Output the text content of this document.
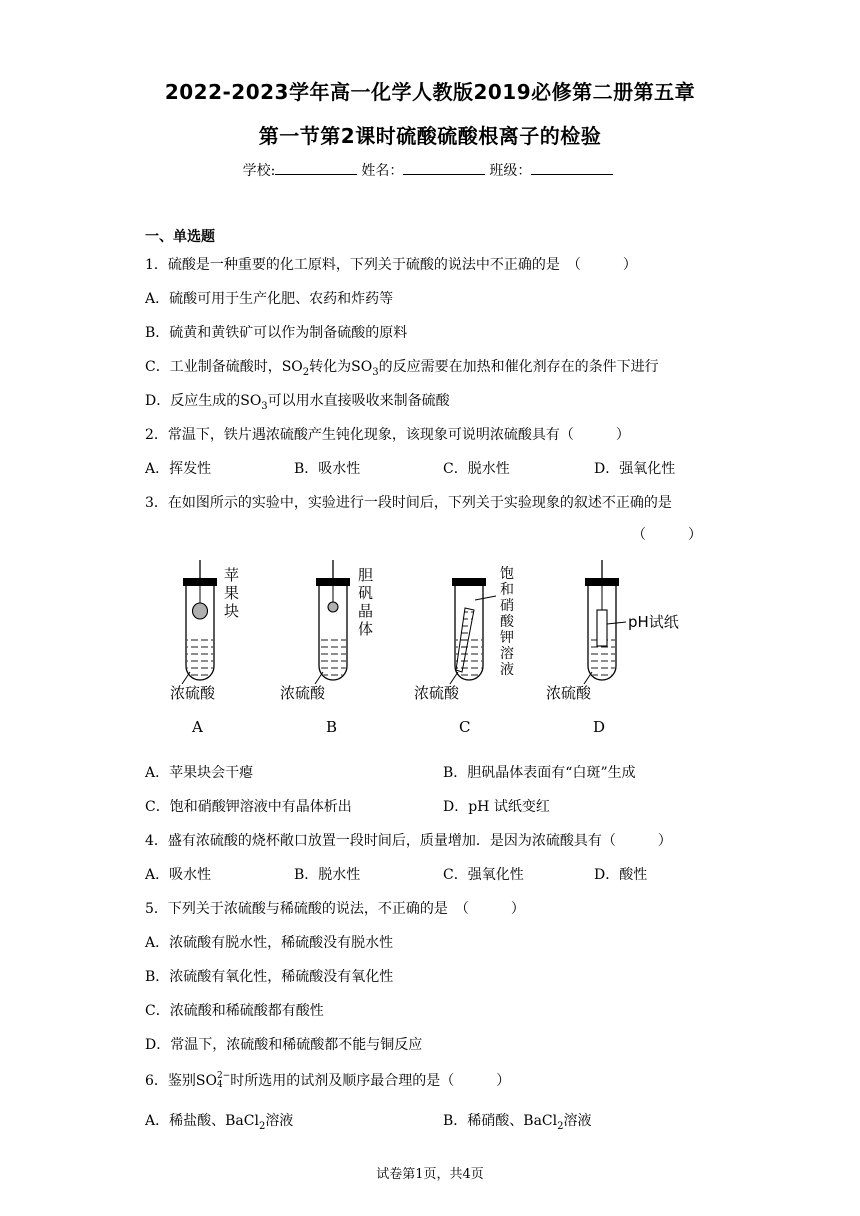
2022-2023学年高一化学人教版2019必修第二册第五章
第一节第2课时硫酸硫酸根离子的检验
学校:	姓名：	班级：
一、单选题
1．硫酸是一种重要的化工原料，下列关于硫酸的说法中不正确的是　（　　　）
A．硫酸可用于生产化肥、农药和炸药等
B．硫黄和黄铁矿可以作为制备硫酸的原料
C．工业制备硫酸时，$SO_2$转化为$SO_3$的反应需要在加热和催化剂存在的条件下进行
D．反应生成的$SO_3$可以用水直接吸收来制备硫酸
2．常温下，铁片遇浓硫酸产生钝化现象，该现象可说明浓硫酸具有（　　　）
A．挥发性	B．吸水性	C．脱水性	D．强氧化性
3．在如图所示的实验中，实验进行一段时间后，下列关于实验现象的叙述不正确的是
（　　　）
苹
果
块
浓硫酸
A
胆
矾
晶
体
浓硫酸
B
饱
和
硝
酸
钾
溶
液
浓硫酸
C
pH试纸
浓硫酸
D
A．苹果块会干瘪	B．胆矾晶体表面有“白斑”生成
C．饱和硝酸钾溶液中有晶体析出	D．pH 试纸变红
4．盛有浓硫酸的烧杯敞口放置一段时间后，质量增加．是因为浓硫酸具有（　　　）
A．吸水性	B．脱水性	C．强氧化性	D．酸性
5．下列关于浓硫酸与稀硫酸的说法，不正确的是　（　　　）
A．浓硫酸有脱水性，稀硫酸没有脱水性
B．浓硫酸有氧化性，稀硫酸没有氧化性
C．浓硫酸和稀硫酸都有酸性
D．常温下，浓硫酸和稀硫酸都不能与铜反应
6．鉴别SO 2−
4 时所选用的试剂及顺序最合理的是（　　　）
A．稀盐酸、BaCl$_2$溶液	B．稀硝酸、BaCl$_2$溶液
试卷第1页，共4页
